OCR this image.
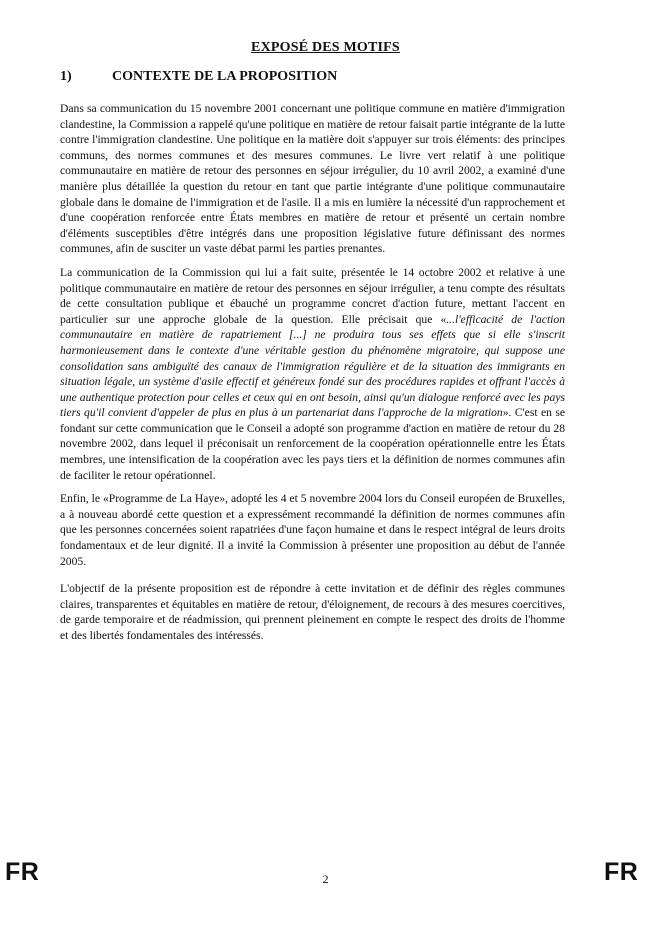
EXPOSÉ DES MOTIFS
1)	CONTEXTE DE LA PROPOSITION

Dans sa communication du 15 novembre 2001 concernant une politique commune en matière d'immigration clandestine, la Commission a rappelé qu'une politique en matière de retour faisait partie intégrante de la lutte contre l'immigration clandestine. Une politique en la matière doit s'appuyer sur trois éléments: des principes communs, des normes communes et des mesures communes. Le livre vert relatif à une politique communautaire en matière de retour des personnes en séjour irrégulier, du 10 avril 2002, a examiné d'une manière plus détaillée la question du retour en tant que partie intégrante d'une politique communautaire globale dans le domaine de l'immigration et de l'asile. Il a mis en lumière la nécessité d'un rapprochement et d'une coopération renforcée entre États membres en matière de retour et présenté un certain nombre d'éléments susceptibles d'être intégrés dans une proposition législative future définissant des normes communes, afin de susciter un vaste débat parmi les parties prenantes.

La communication de la Commission qui lui a fait suite, présentée le 14 octobre 2002 et relative à une politique communautaire en matière de retour des personnes en séjour irrégulier, a tenu compte des résultats de cette consultation publique et ébauché un programme concret d'action future, mettant l'accent en particulier sur une approche globale de la question. Elle précisait que «...l'efficacité de l'action communautaire en matière de rapatriement [...] ne produira tous ses effets que si elle s'inscrit harmonieusement dans le contexte d'une véritable gestion du phénomène migratoire, qui suppose une consolidation sans ambiguïté des canaux de l'immigration régulière et de la situation des immigrants en situation légale, un système d'asile effectif et généreux fondé sur des procédures rapides et offrant l'accès à une authentique protection pour celles et ceux qui en ont besoin, ainsi qu'un dialogue renforcé avec les pays tiers qu'il convient d'appeler de plus en plus à un partenariat dans l'approche de la migration». C'est en se fondant sur cette communication que le Conseil a adopté son programme d'action en matière de retour du 28 novembre 2002, dans lequel il préconisait un renforcement de la coopération opérationnelle entre les États membres, une intensification de la coopération avec les pays tiers et la définition de normes communes afin de faciliter le retour opérationnel.

Enfin, le «Programme de La Haye», adopté les 4 et 5 novembre 2004 lors du Conseil européen de Bruxelles, a à nouveau abordé cette question et a expressément recommandé la définition de normes communes afin que les personnes concernées soient rapatriées d'une façon humaine et dans le respect intégral de leurs droits fondamentaux et de leur dignité. Il a invité la Commission à présenter une proposition au début de l'année 2005.

L'objectif de la présente proposition est de répondre à cette invitation et de définir des règles communes claires, transparentes et équitables en matière de retour, d'éloignement, de recours à des mesures coercitives, de garde temporaire et de réadmission, qui prennent pleinement en compte le respect des droits de l'homme et des libertés fondamentales des intéressés.

FR	2	FR
